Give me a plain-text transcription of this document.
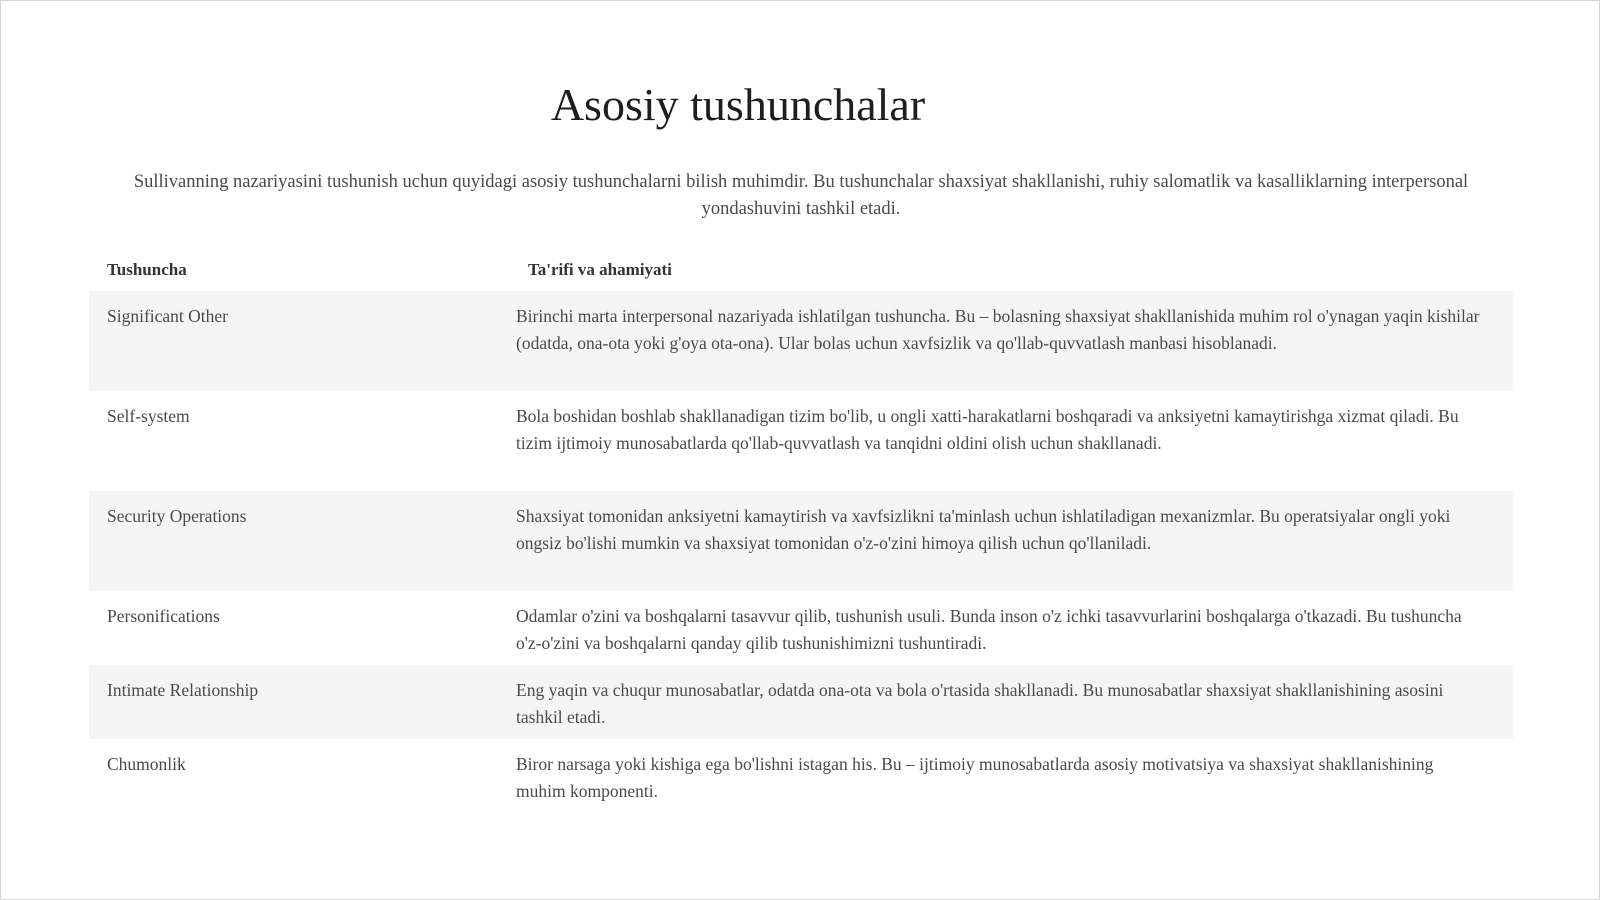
Asosiy tushunchalar

Sullivanning nazariyasini tushunish uchun quyidagi asosiy tushunchalarni bilish muhimdir. Bu tushunchalar shaxsiyat shakllanishi, ruhiy salomatlik va kasalliklarning interpersonal yondashuvini tashkil etadi.

Tushuncha	Ta'rifi va ahamiyati
Significant Other	Birinchi marta interpersonal nazariyada ishlatilgan tushuncha. Bu – bolasning shaxsiyat shakllanishida muhim rol o'ynagan yaqin kishilar (odatda, ona-ota yoki g'oya ota-ona). Ular bolas uchun xavfsizlik va qo'llab-quvvatlash manbasi hisoblanadi.
Self-system	Bola boshidan boshlab shakllanadigan tizim bo'lib, u ongli xatti-harakatlarni boshqaradi va anksiyetni kamaytirishga xizmat qiladi. Bu tizim ijtimoiy munosabatlarda qo'llab-quvvatlash va tanqidni oldini olish uchun shakllanadi.
Security Operations	Shaxsiyat tomonidan anksiyetni kamaytirish va xavfsizlikni ta'minlash uchun ishlatiladigan mexanizmlar. Bu operatsiyalar ongli yoki ongsiz bo'lishi mumkin va shaxsiyat tomonidan o'z-o'zini himoya qilish uchun qo'llaniladi.
Personifications	Odamlar o'zini va boshqalarni tasavvur qilib, tushunish usuli. Bunda inson o'z ichki tasavvurlarini boshqalarga o'tkazadi. Bu tushuncha o'z-o'zini va boshqalarni qanday qilib tushunishimizni tushuntiradi.
Intimate Relationship	Eng yaqin va chuqur munosabatlar, odatda ona-ota va bola o'rtasida shakllanadi. Bu munosabatlar shaxsiyat shakllanishining asosini tashkil etadi.
Chumonlik	Biror narsaga yoki kishiga ega bo'lishni istagan his. Bu – ijtimoiy munosabatlarda asosiy motivatsiya va shaxsiyat shakllanishining muhim komponenti.
